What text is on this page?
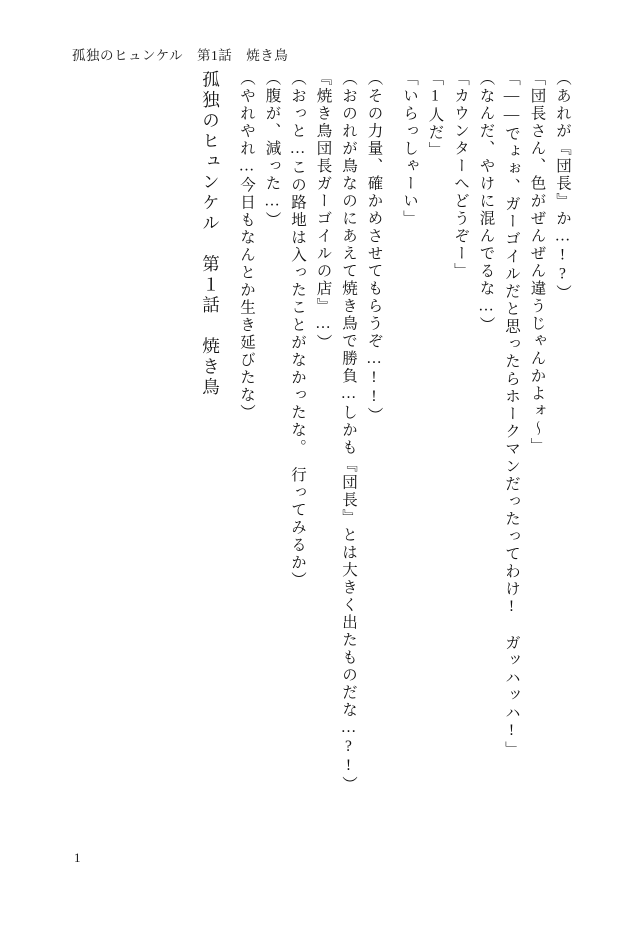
孤独のヒュンケル　第1話　焼き鳥
孤独のヒュンケル　第１話　焼き鳥 （やれやれ…今日もなんとか生き延びたな） （腹が、減った…） （おっと…この路地は入ったことがなかったな。　行ってみるか） 『焼き鳥団長ガーゴイルの店』…） （おのれが鳥なのにあえて焼き鳥で勝負…しかも『団長』とは大きく出たものだな…?!） （その力量、確かめさせてもらうぞ…!!） 「いらっしゃーい」 「1人だ」 「カウンターへどうぞー」 （なんだ、やけに混んでるな…） 「――でょぉ、ガーゴイルだと思ったらホークマンだったってわけ!　ガッハッハ!」 「団長さん、色がぜんぜん違うじゃんかよォ～」 （あれが『団長』か…!?）
1
